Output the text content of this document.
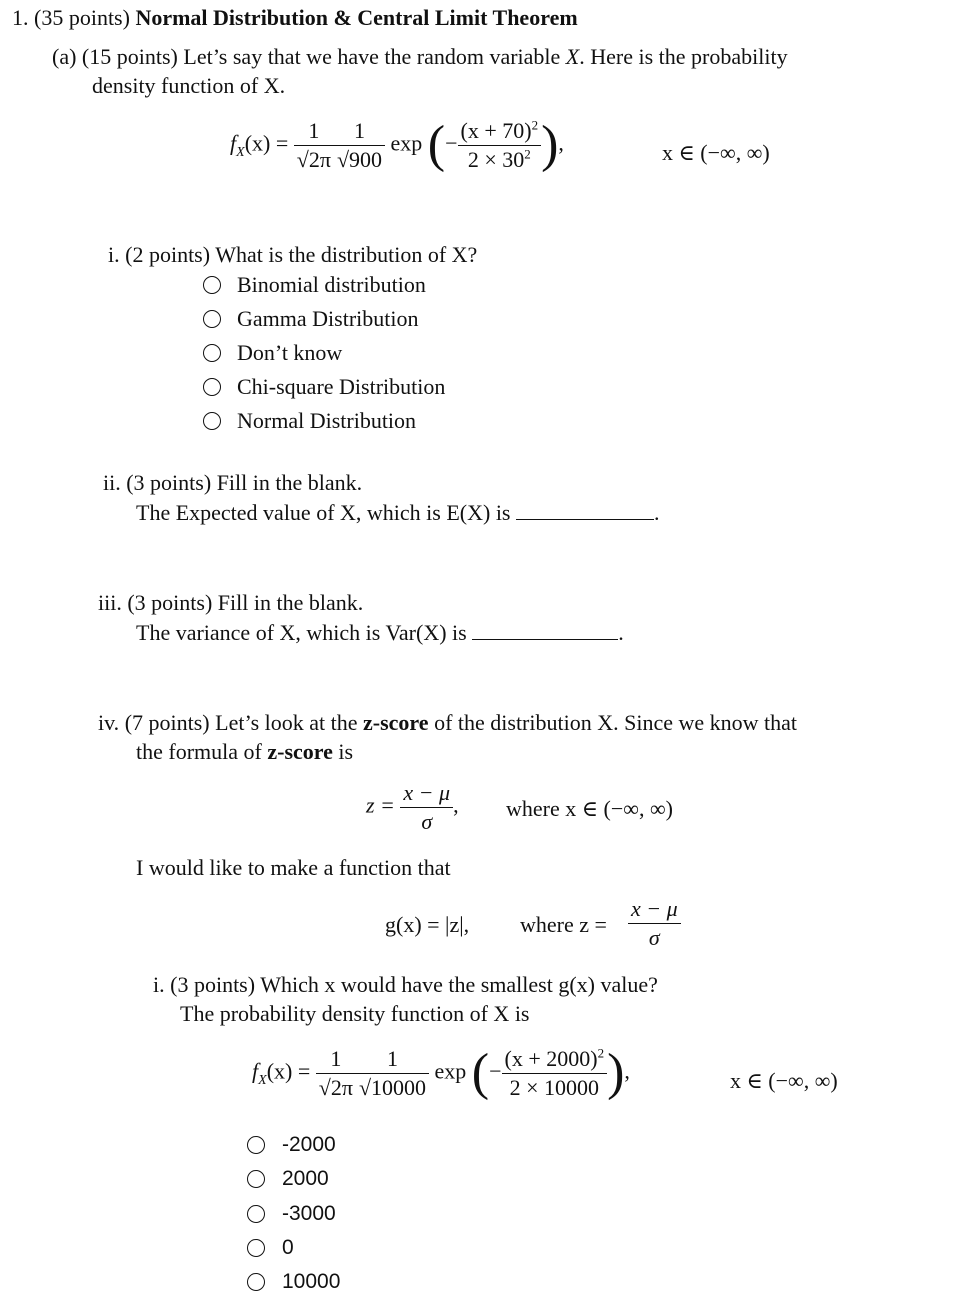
1. (35 points) Normal Distribution & Central Limit Theorem
(a) (15 points) Let’s say that we have the random variable X. Here is the probability
density function of X.
$f_X(x) = \frac{1}{√2\pi} \frac{1}{√900}$ exp (− $\frac{(x + 70)^2}{2 \times 30^2}$ ),	x ∈ (−∞, ∞)
i. (2 points) What is the distribution of X?
Binomial distribution
Gamma Distribution
Don’t know
Chi-square Distribution
Normal Distribution
ii. (3 points) Fill in the blank.
The Expected value of X, which is E(X) is	.
iii. (3 points) Fill in the blank.
The variance of X, which is Var(X) is	.
iv. (7 points) Let’s look at the z-score of the distribution X. Since we know that
the formula of z-score is
$z = \frac{x - \mu}{\sigma}$ , where x ∈ (−∞, ∞)
I would like to make a function that
g(x) = |z|, where $z = \frac{x - \mu}{\sigma}$
i. (3 points) Which x would have the smallest g(x) value?
The probability density function of X is
$f_X(x) = \frac{1}{√2\pi} \frac{1}{√10000}$ exp (− $\frac{(x + 2000)^2}{2 \times 10000}$ ),	x ∈ (−∞, ∞)
-2000
2000
-3000
0
10000
